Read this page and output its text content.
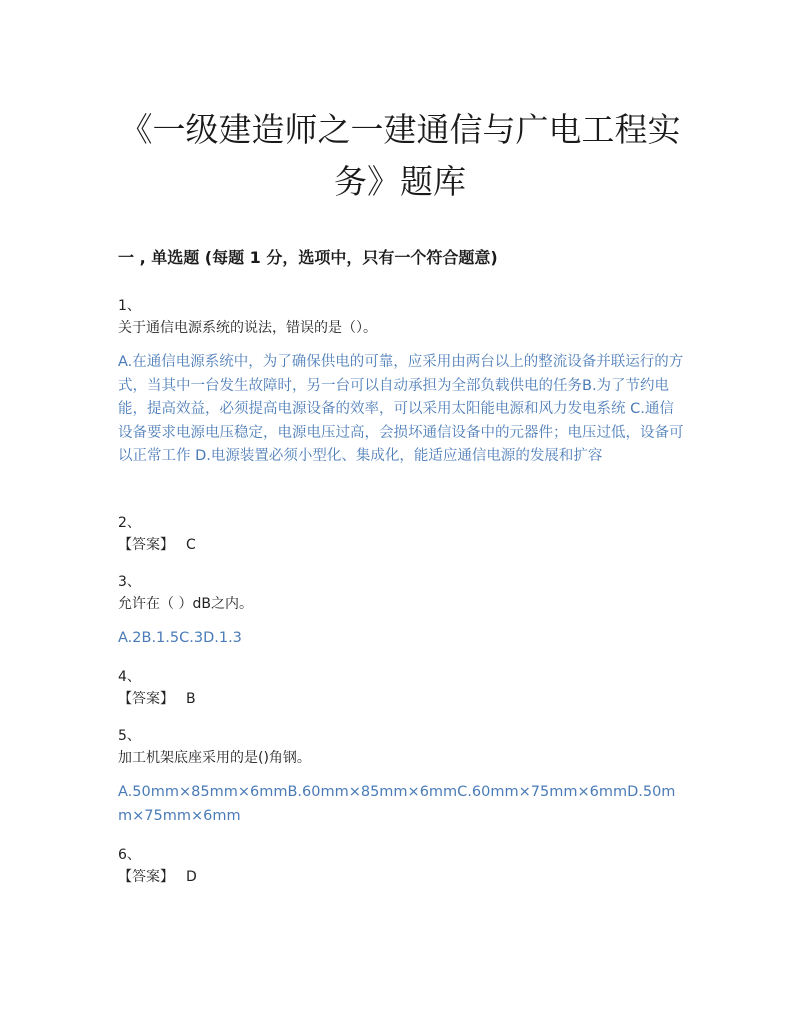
《一级建造师之一建通信与广电工程实务》题库
一 , 单选题 (每题 1 分，选项中，只有一个符合题意)
1、
关于通信电源系统的说法，错误的是（）。

A.在通信电源系统中，为了确保供电的可靠，应采用由两台以上的整流设备并联运行的方式，当其中一台发生故障时，另一台可以自动承担为全部负载供电的任务B.为了节约电能，提高效益，必须提高电源设备的效率，可以采用太阳能电源和风力发电系统 C.通信设备要求电源电压稳定，电源电压过高，会损坏通信设备中的元器件；电压过低，设备可以正常工作 D.电源装置必须小型化、集成化，能适应通信电源的发展和扩容

2、
【答案】 C
3、
允许在（ ）dB之内。

A.2B.1.5C.3D.1.3

4、
【答案】 B
5、
加工机架底座采用的是()角钢。

A.50mm×85mm×6mmB.60mm×85mm×6mmC.60mm×75mm×6mmD.50mm×75mm×6mm

6、
【答案】 D
